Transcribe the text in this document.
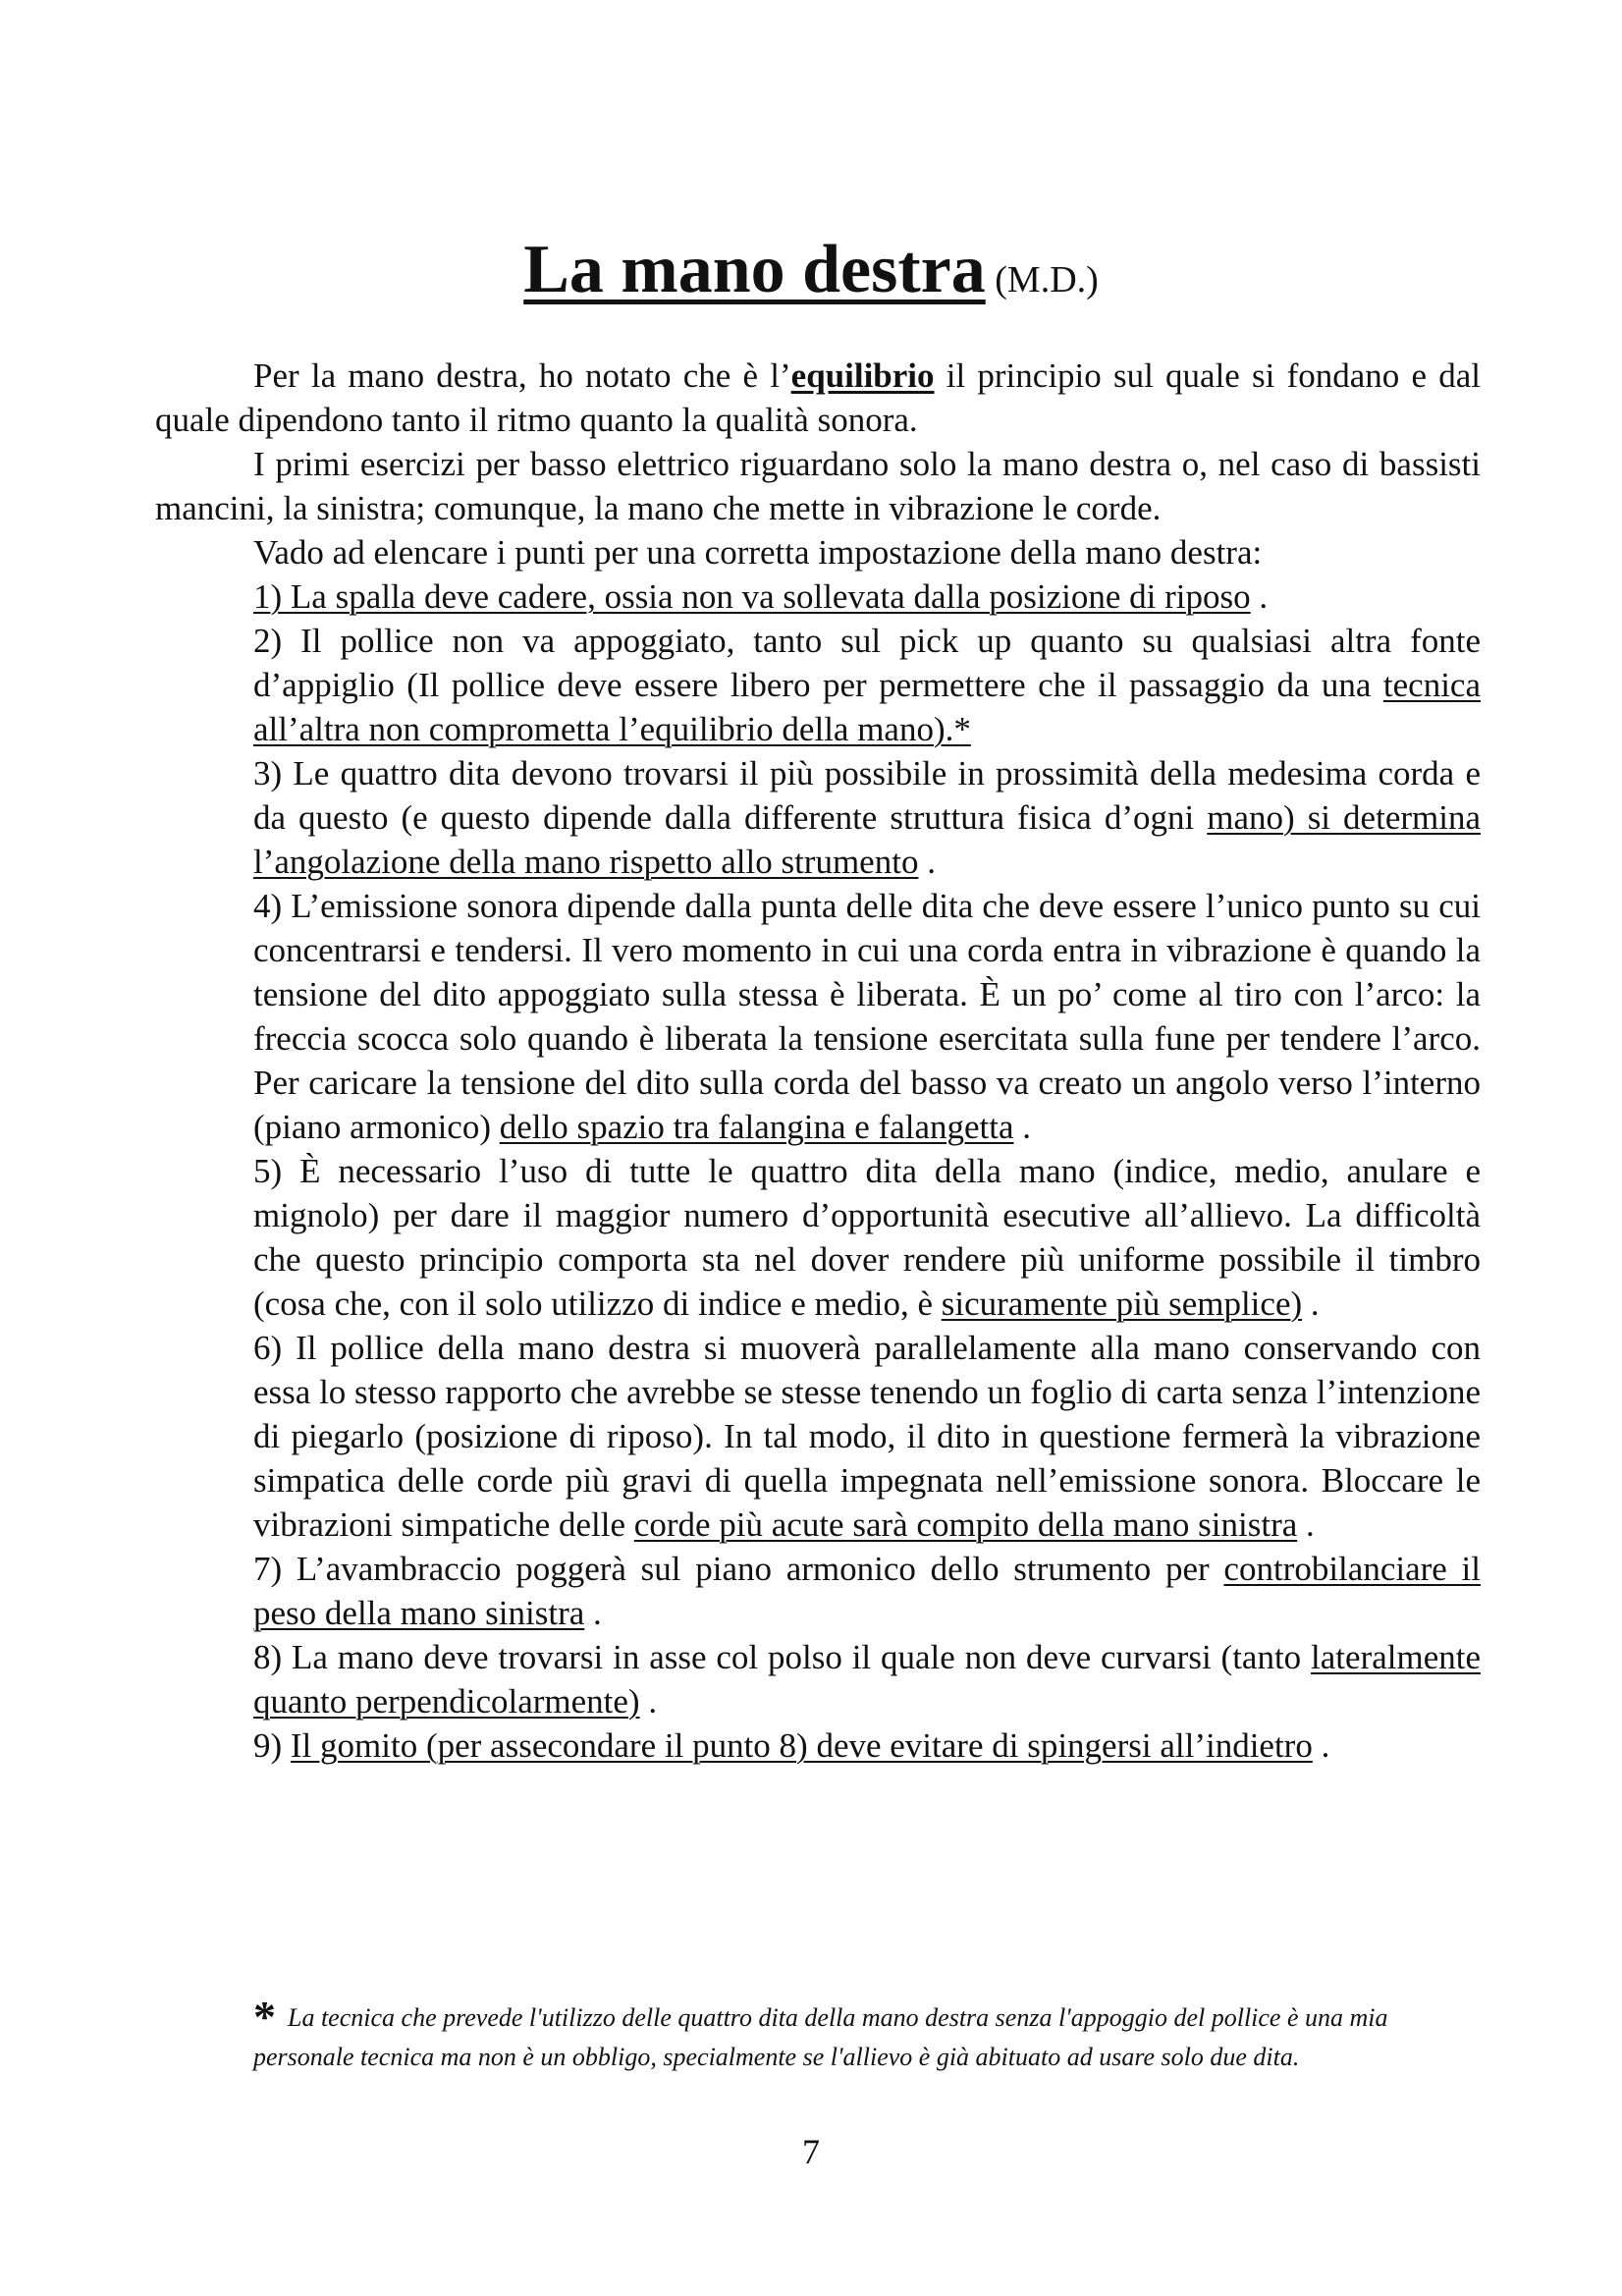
La mano destra (M.D.)

Per la mano destra, ho notato che è l’equilibrio il principio sul quale si fondano e dal quale dipendono tanto il ritmo quanto la qualità sonora.

I primi esercizi per basso elettrico riguardano solo la mano destra o, nel caso di bassisti mancini, la sinistra; comunque, la mano che mette in vibrazione le corde.

Vado ad elencare i punti per una corretta impostazione della mano destra:

1) La spalla deve cadere, ossia non va sollevata dalla posizione di riposo .

2) Il pollice non va appoggiato, tanto sul pick up quanto su qualsiasi altra fonte d’appiglio (Il pollice deve essere libero per permettere che il passaggio da una tecnica all’altra non comprometta l’equilibrio della mano).*

3) Le quattro dita devono trovarsi il più possibile in prossimità della medesima corda e da questo (e questo dipende dalla differente struttura fisica d’ogni mano) si determina l’angolazione della mano rispetto allo strumento .

4) L’emissione sonora dipende dalla punta delle dita che deve essere l’unico punto su cui concentrarsi e tendersi. Il vero momento in cui una corda entra in vibrazione è quando la tensione del dito appoggiato sulla stessa è liberata. È un po’ come al tiro con l’arco: la freccia scocca solo quando è liberata la tensione esercitata sulla fune per tendere l’arco. Per caricare la tensione del dito sulla corda del basso va creato un angolo verso l’interno (piano armonico) dello spazio tra falangina e falangetta .

5) È necessario l’uso di tutte le quattro dita della mano (indice, medio, anulare e mignolo) per dare il maggior numero d’opportunità esecutive all’allievo. La difficoltà che questo principio comporta sta nel dover rendere più uniforme possibile il timbro (cosa che, con il solo utilizzo di indice e medio, è sicuramente più semplice) .

6) Il pollice della mano destra si muoverà parallelamente alla mano conservando con essa lo stesso rapporto che avrebbe se stesse tenendo un foglio di carta senza l’intenzione di piegarlo (posizione di riposo). In tal modo, il dito in questione fermerà la vibrazione simpatica delle corde più gravi di quella impegnata nell’emissione sonora. Bloccare le vibrazioni simpatiche delle corde più acute sarà compito della mano sinistra .

7) L’avambraccio poggerà sul piano armonico dello strumento per controbilanciare il peso della mano sinistra .

8) La mano deve trovarsi in asse col polso il quale non deve curvarsi (tanto lateralmente quanto perpendicolarmente) .

9) Il gomito (per assecondare il punto 8) deve evitare di spingersi all’indietro .

* La tecnica che prevede l'utilizzo delle quattro dita della mano destra senza l'appoggio del pollice è una mia personale tecnica ma non è un obbligo, specialmente se l'allievo è già abituato ad usare solo due dita.
7
